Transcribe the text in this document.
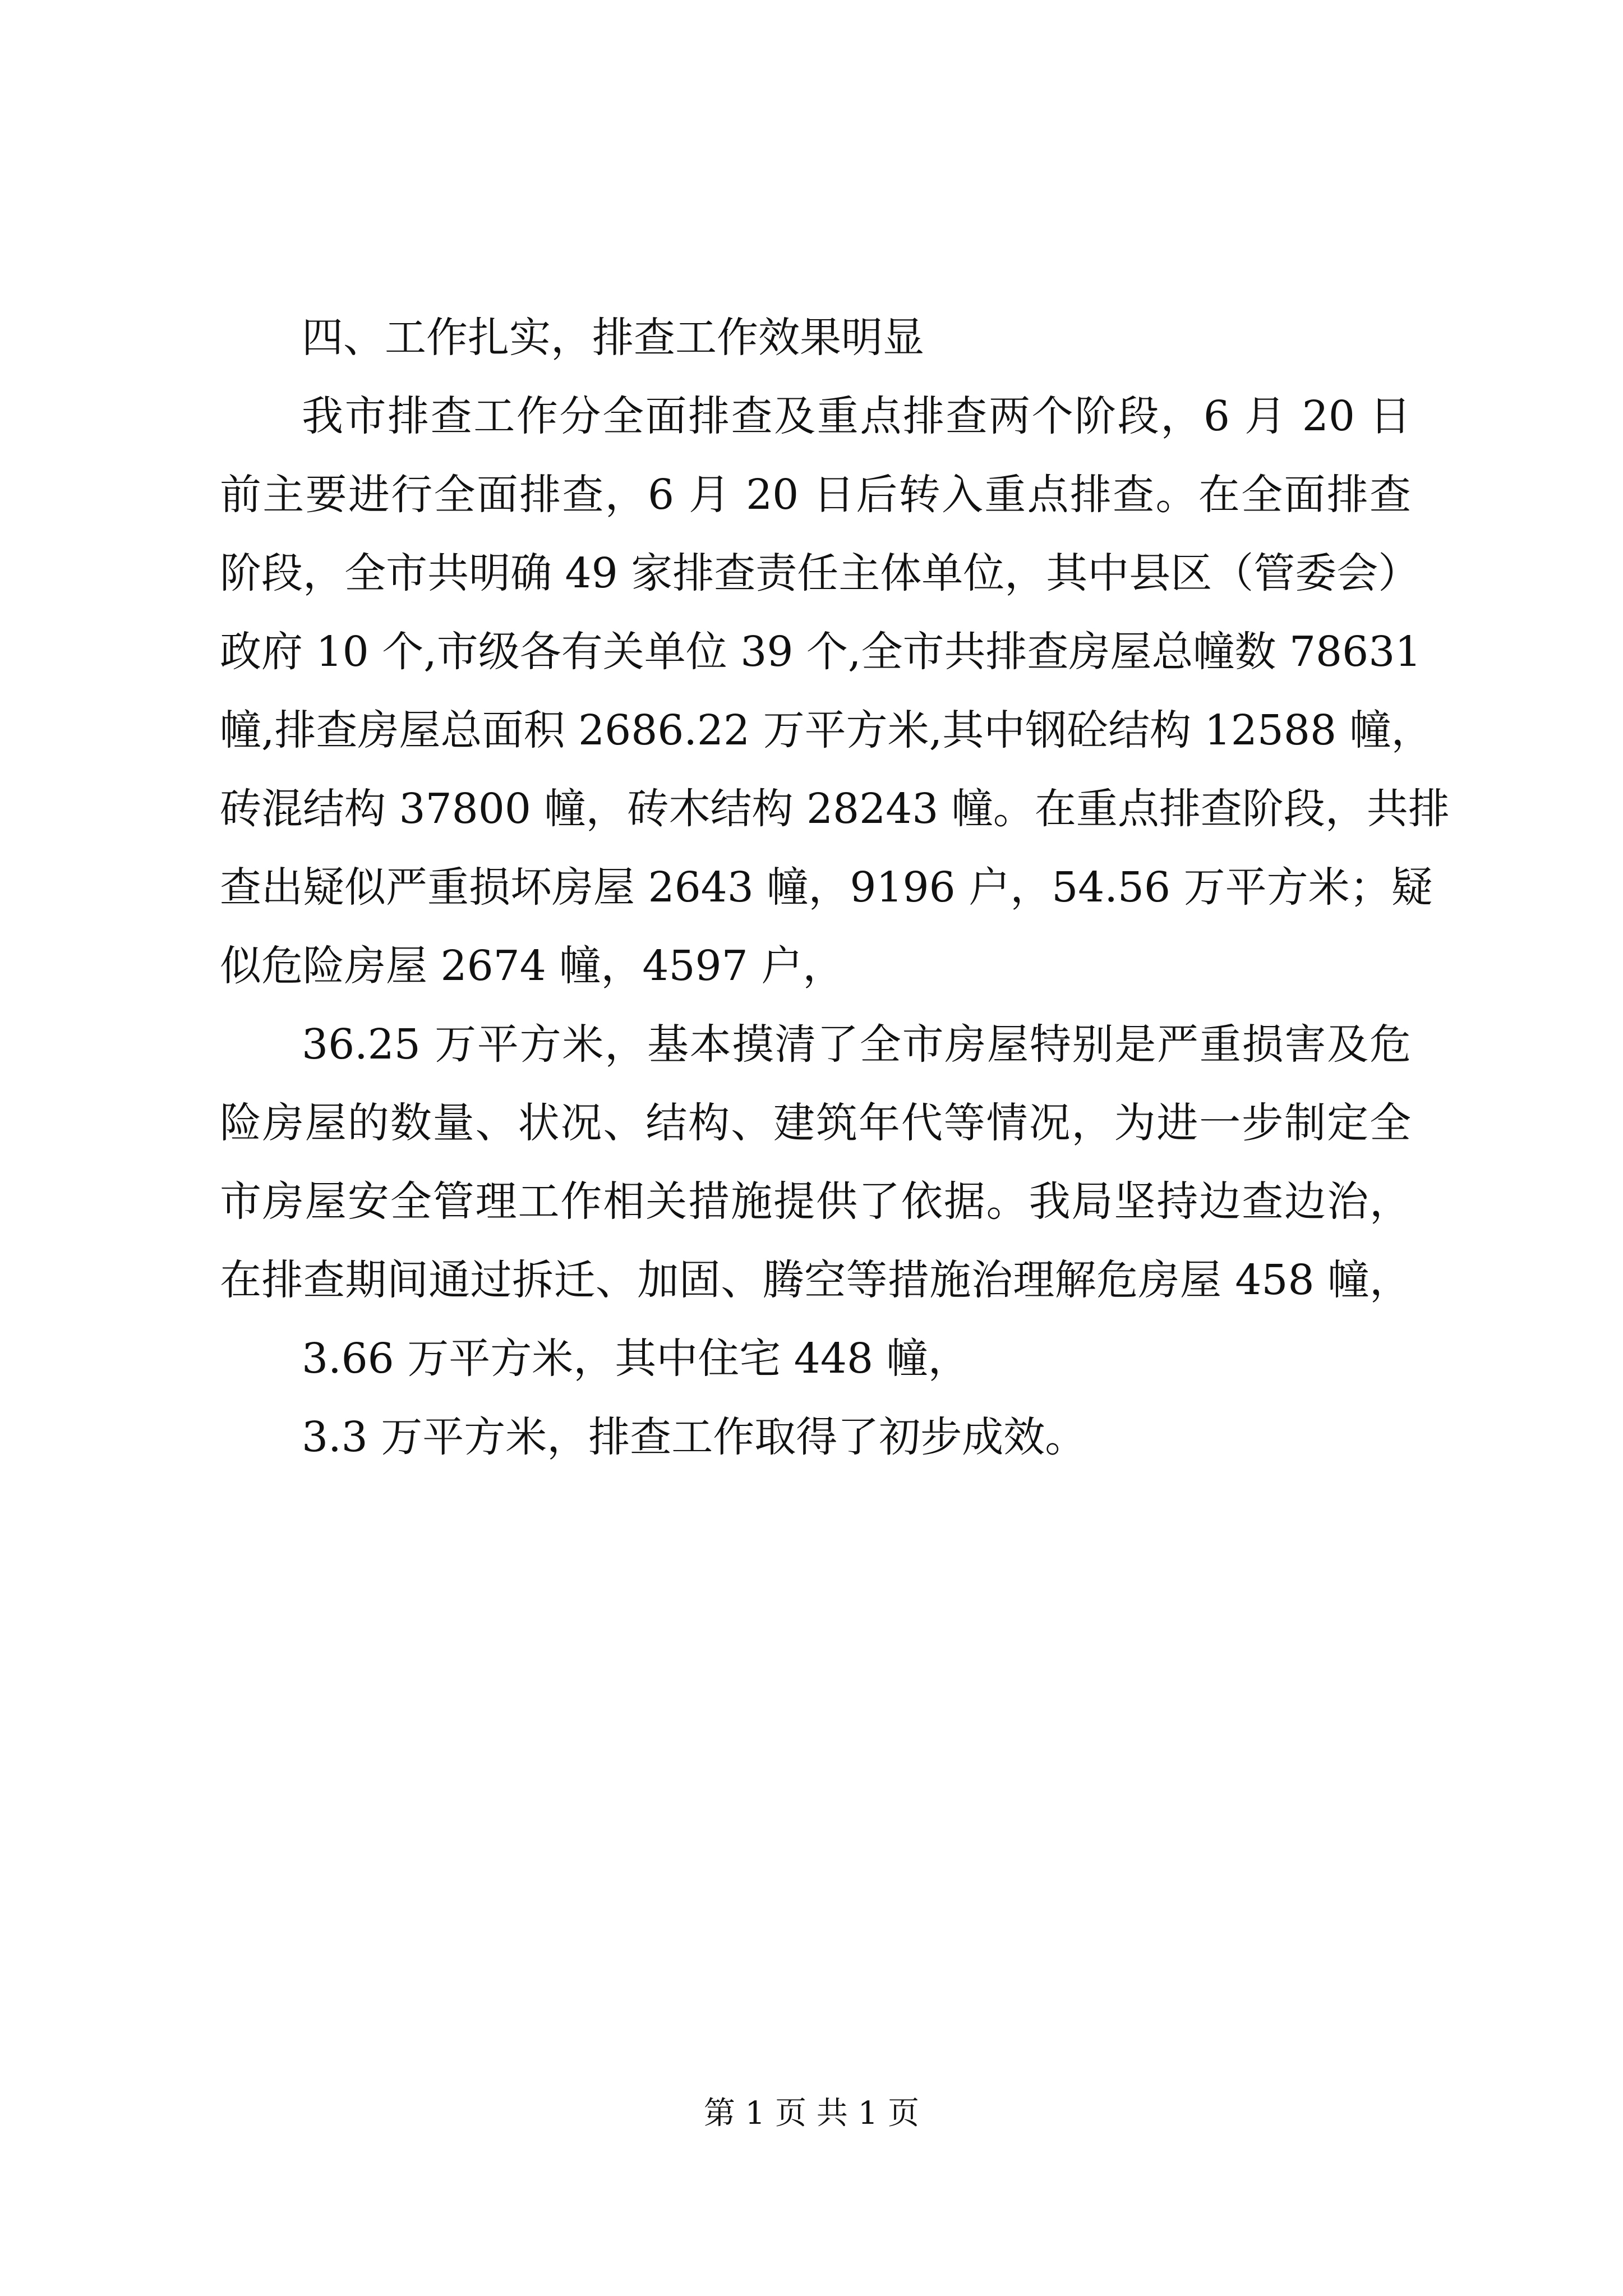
四、工作扎实，排查工作效果明显
我市排查工作分全面排查及重点排查两个阶段，6 月 20 日
前主要进行全面排查，6 月 20 日后转入重点排查。在全面排查
阶段，全市共明确 49 家排查责任主体单位，其中县区（管委会）
政府 10 个,市级各有关单位 39 个,全市共排查房屋总幢数 78631
幢,排查房屋总面积 2686.22 万平方米,其中钢砼结构 12588 幢，
砖混结构 37800 幢，砖木结构 28243 幢。在重点排查阶段，共排
查出疑似严重损坏房屋 2643 幢，9196 户，54.56 万平方米；疑
似危险房屋 2674 幢，4597 户，
36.25 万平方米，基本摸清了全市房屋特别是严重损害及危
险房屋的数量、状况、结构、建筑年代等情况，为进一步制定全
市房屋安全管理工作相关措施提供了依据。我局坚持边查边治，
在排查期间通过拆迁、加固、腾空等措施治理解危房屋 458 幢，
3.66 万平方米，其中住宅 448 幢，
3.3 万平方米，排查工作取得了初步成效。
第 1 页 共 1 页
